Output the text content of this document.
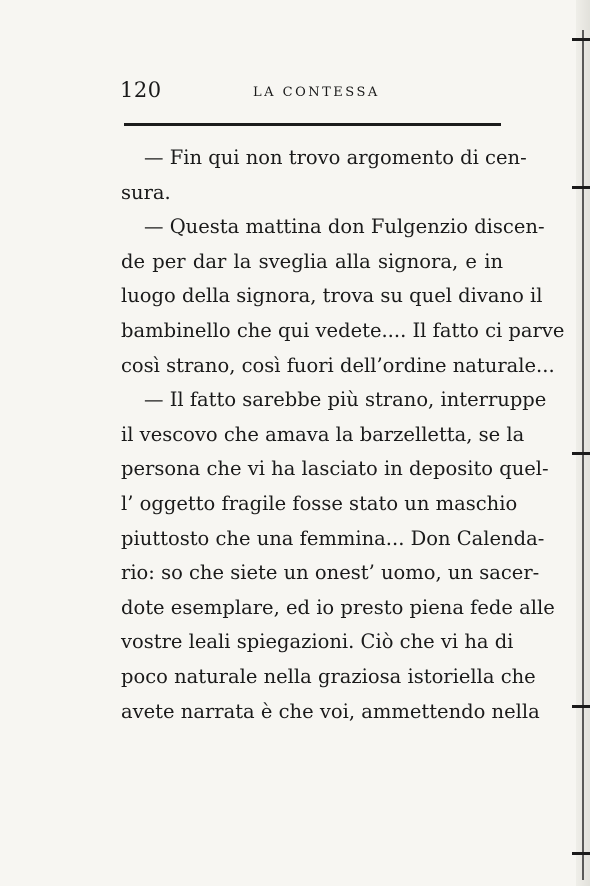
120	LA CONTESSA
— Fin qui non trovo argomento di cen-
sura.
— Questa mattina don Fulgenzio discen-
de per dar la sveglia alla signora, e in
luogo della signora, trova su quel divano il
bambinello che qui vedete.... Il fatto ci parve
così strano, così fuori dell’ordine naturale...
— Il fatto sarebbe più strano, interruppe
il vescovo che amava la barzelletta, se la
persona che vi ha lasciato in deposito quel-
l’ oggetto fragile fosse stato un maschio
piuttosto che una femmina... Don Calenda-
rio: so che siete un onest’ uomo, un sacer-
dote esemplare, ed io presto piena fede alle
vostre leali spiegazioni. Ciò che vi ha di
poco naturale nella graziosa istoriella che
avete narrata è che voi, ammettendo nella
